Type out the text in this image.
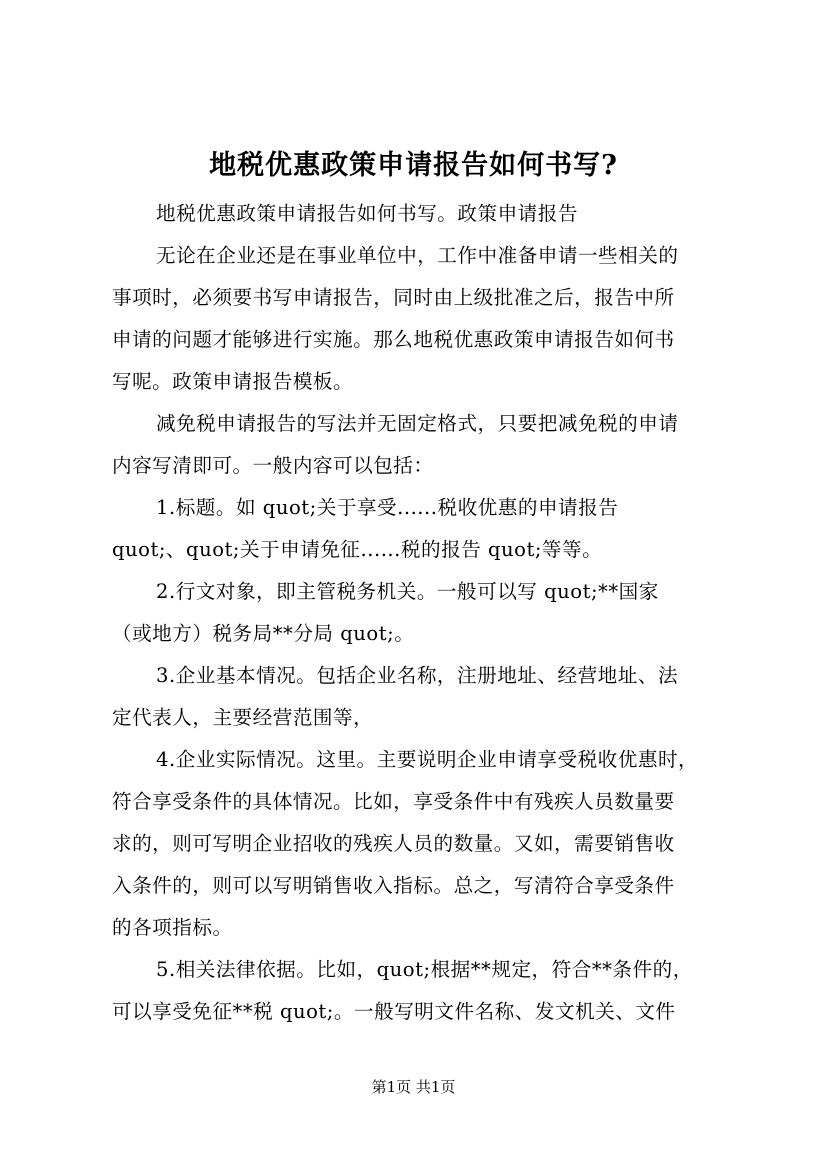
地税优惠政策申请报告如何书写?
地税优惠政策申请报告如何书写。政策申请报告
无论在企业还是在事业单位中，工作中准备申请一些相关的
事项时，必须要书写申请报告，同时由上级批准之后，报告中所
申请的问题才能够进行实施。那么地税优惠政策申请报告如何书
写呢。政策申请报告模板。
减免税申请报告的写法并无固定格式，只要把减免税的申请
内容写清即可。一般内容可以包括：
1.标题。如 quot;关于享受......税收优惠的申请报告
quot;、quot;关于申请免征......税的报告 quot;等等。
2.行文对象，即主管税务机关。一般可以写 quot;**国家
（或地方）税务局**分局 quot;。
3.企业基本情况。包括企业名称，注册地址、经营地址、法
定代表人，主要经营范围等，
4.企业实际情况。这里。主要说明企业申请享受税收优惠时，
符合享受条件的具体情况。比如，享受条件中有残疾人员数量要
求的，则可写明企业招收的残疾人员的数量。又如，需要销售收
入条件的，则可以写明销售收入指标。总之，写清符合享受条件
的各项指标。
5.相关法律依据。比如，quot;根据**规定，符合**条件的，
可以享受免征**税 quot;。一般写明文件名称、发文机关、文件
第1页 共1页
